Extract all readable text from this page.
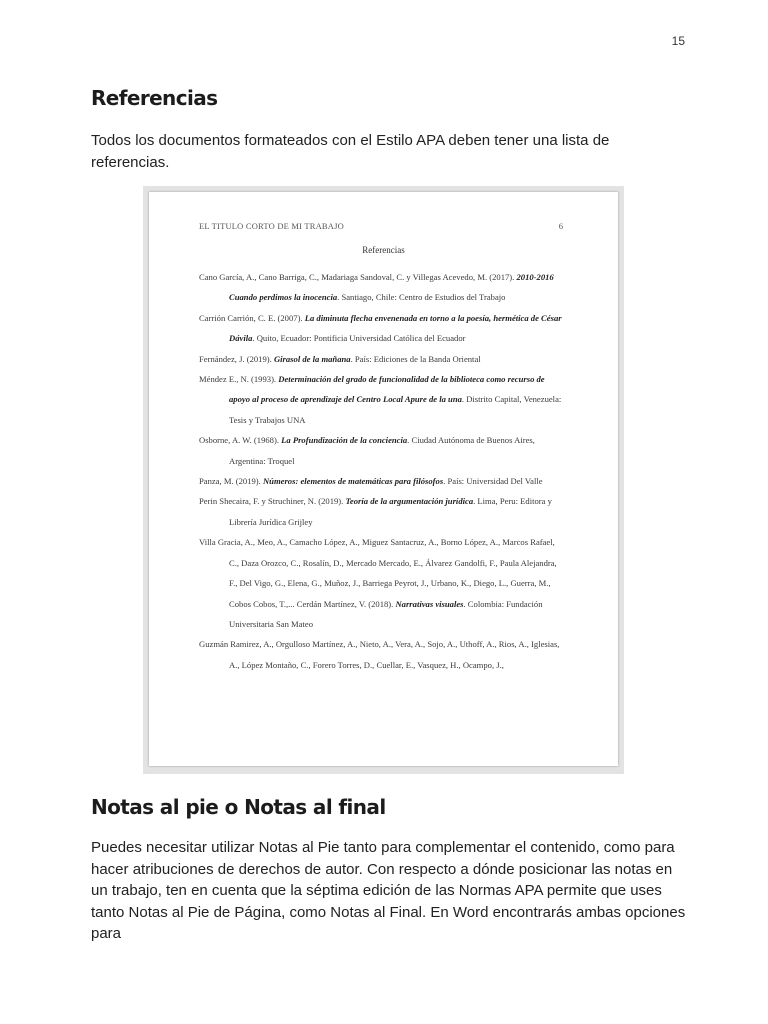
15
Referencias

Todos los documentos formateados con el Estilo APA deben tener una lista de referencias.

EL TITULO CORTO DE MI TRABAJO	6
Referencias
Cano García, A., Cano Barriga, C., Madariaga Sandoval, C. y Villegas Acevedo, M. (2017). 2010-2016 Cuando perdimos la inocencia. Santiago, Chile: Centro de Estudios del Trabajo
Carrión Carrión, C. E. (2007). La diminuta flecha envenenada en torno a la poesía, hermética de César Dávila. Quito, Ecuador: Pontificia Universidad Católica del Ecuador
Fernández, J. (2019). Girasol de la mañana. País: Ediciones de la Banda Oriental
Méndez E., N. (1993). Determinación del grado de funcionalidad de la biblioteca como recurso de apoyo al proceso de aprendizaje del Centro Local Apure de la una. Distrito Capital, Venezuela: Tesis y Trabajos UNA
Osborne, A. W. (1968). La Profundización de la conciencia. Ciudad Autónoma de Buenos Aires, Argentina: Troquel
Panza, M. (2019). Números: elementos de matemáticas para filósofos. País: Universidad Del Valle
Perin Shecaira, F. y Struchiner, N. (2019). Teoría de la argumentación jurídica. Lima, Peru: Editora y Librería Jurídica Grijley
Villa Gracia, A., Meo, A., Camacho López, A., Miguez Santacruz, A., Borno López, A., Marcos Rafael, C., Daza Orozco, C., Rosalín, D., Mercado Mercado, E., Álvarez Gandolfi, F., Paula Alejandra, F., Del Vigo, G., Elena, G., Muñoz, J., Barriega Peyrot, J., Urbano, K., Diego, L., Guerra, M., Cobos Cobos, T.,... Cerdán Martínez, V. (2018). Narrativas visuales. Colombia: Fundación Universitaria San Mateo
Guzmán Ramirez, A., Orgulloso Martínez, A., Nieto, A., Vera, A., Sojo, A., Uthoff, A., Rios, A., Iglesias, A., López Montaño, C., Forero Torres, D., Cuellar, E., Vasquez, H., Ocampo, J.,
Notas al pie o Notas al final

Puedes necesitar utilizar Notas al Pie tanto para complementar el contenido, como para hacer atribuciones de derechos de autor. Con respecto a dónde posicionar las notas en un trabajo, ten en cuenta que la séptima edición de las Normas APA permite que uses tanto Notas al Pie de Página, como Notas al Final. En Word encontrarás ambas opciones para
